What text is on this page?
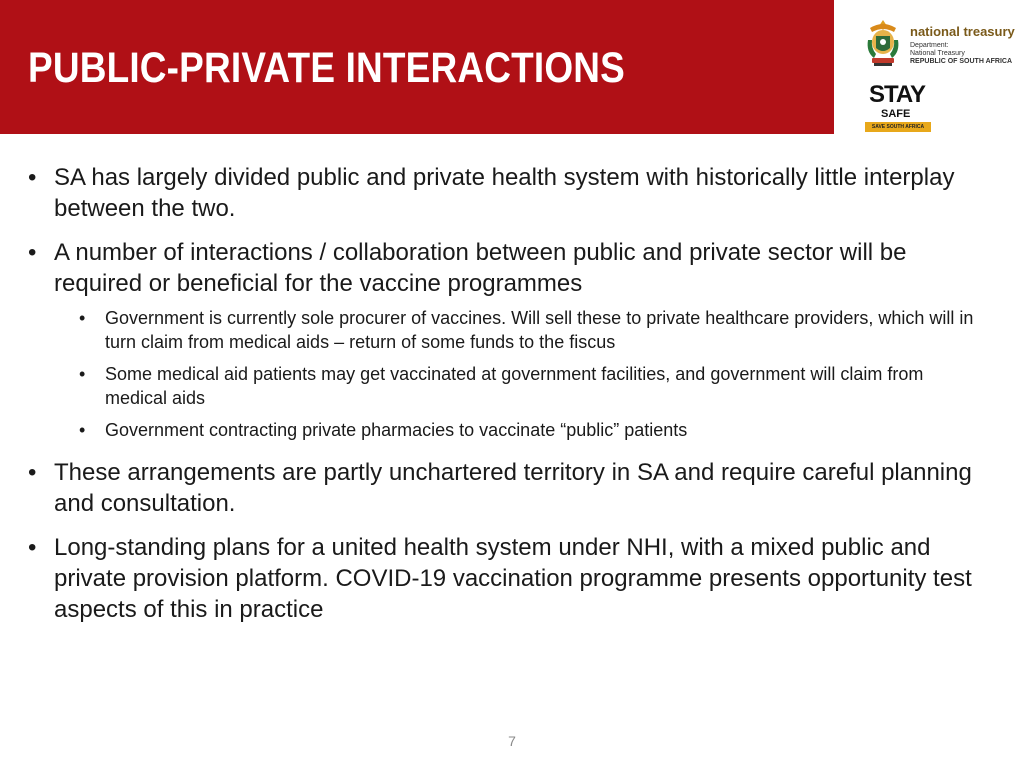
PUBLIC-PRIVATE INTERACTIONS
national treasury
Department:
National Treasury
REPUBLIC OF SOUTH AFRICA
STAY
SAFE
SAVE SOUTH AFRICA
• SA has largely divided public and private health system with historically little interplay between the two.
• A number of interactions / collaboration between public and private sector will be required or beneficial for the vaccine programmes
• Government is currently sole procurer of vaccines. Will sell these to private healthcare providers, which will in turn claim from medical aids – return of some funds to the fiscus
• Some medical aid patients may get vaccinated at government facilities, and government will claim from medical aids
• Government contracting private pharmacies to vaccinate “public” patients
• These arrangements are partly unchartered territory in SA and require careful planning and consultation.
• Long-standing plans for a united health system under NHI, with a mixed public and private provision platform. COVID-19 vaccination programme presents opportunity test aspects of this in practice
7
